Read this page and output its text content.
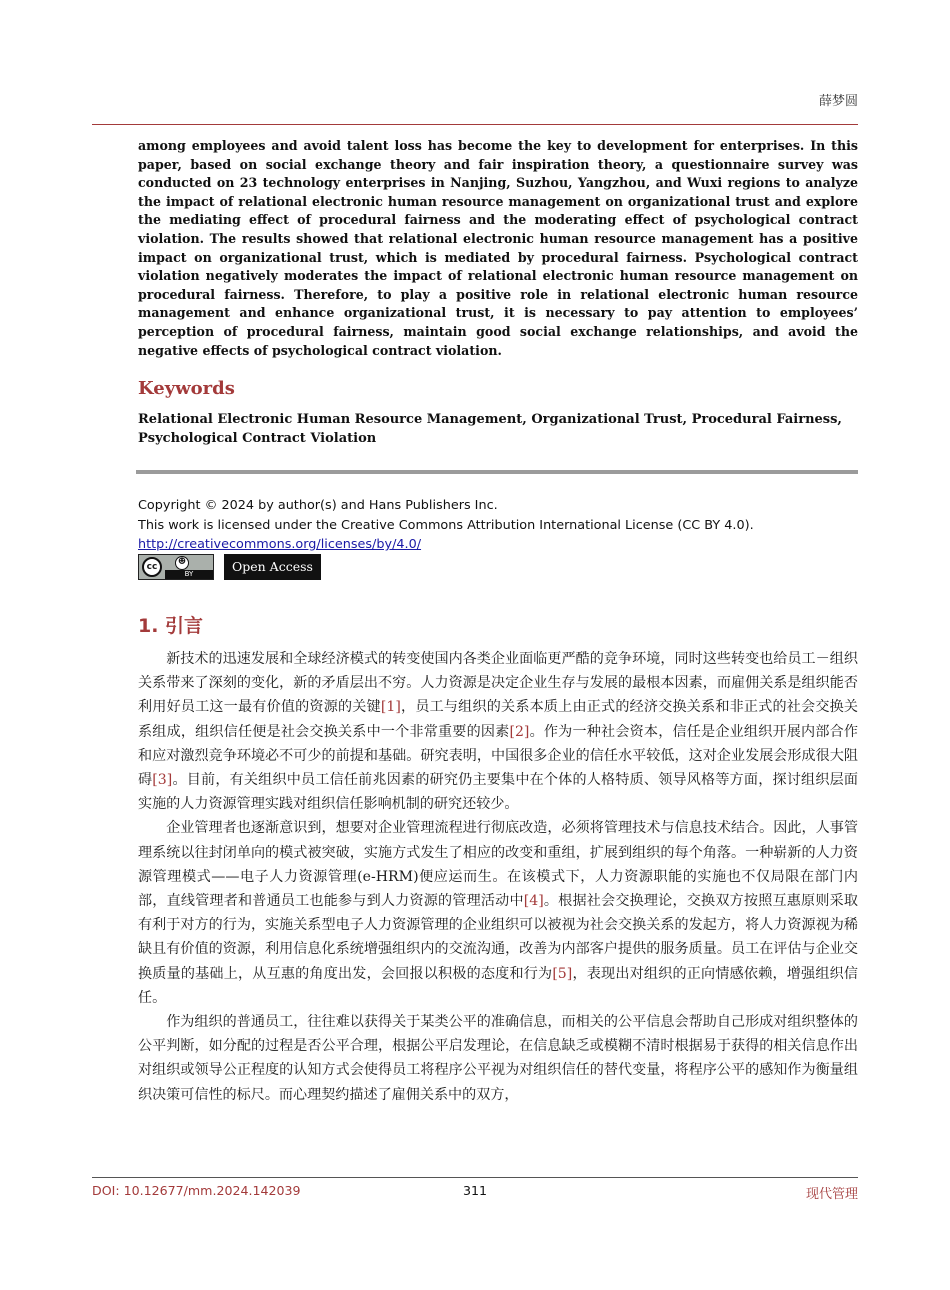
薛梦圆
among employees and avoid talent loss has become the key to development for enterprises. In this paper, based on social exchange theory and fair inspiration theory, a questionnaire survey was conducted on 23 technology enterprises in Nanjing, Suzhou, Yangzhou, and Wuxi regions to analyze the impact of relational electronic human resource management on organizational trust and explore the mediating effect of procedural fairness and the moderating effect of psychological contract violation. The results showed that relational electronic human resource management has a positive impact on organizational trust, which is mediated by procedural fairness. Psychological contract violation negatively moderates the impact of relational electronic human resource management on procedural fairness. Therefore, to play a positive role in relational electronic human resource management and enhance organizational trust, it is necessary to pay attention to employees’ perception of procedural fairness, maintain good social exchange relationships, and avoid the negative effects of psychological contract violation.
Keywords
Relational Electronic Human Resource Management, Organizational Trust, Procedural Fairness, Psychological Contract Violation
Copyright © 2024 by author(s) and Hans Publishers Inc.
This work is licensed under the Creative Commons Attribution International License (CC BY 4.0).
http://creativecommons.org/licenses/by/4.0/
cc	☻
BY	Open Access
1. 引言

新技术的迅速发展和全球经济模式的转变使国内各类企业面临更严酷的竞争环境，同时这些转变也给员工－组织关系带来了深刻的变化，新的矛盾层出不穷。人力资源是决定企业生存与发展的最根本因素，而雇佣关系是组织能否利用好员工这一最有价值的资源的关键[1]，员工与组织的关系本质上由正式的经济交换关系和非正式的社会交换关系组成，组织信任便是社会交换关系中一个非常重要的因素[2]。作为一种社会资本，信任是企业组织开展内部合作和应对激烈竞争环境必不可少的前提和基础。研究表明，中国很多企业的信任水平较低，这对企业发展会形成很大阻碍[3]。目前，有关组织中员工信任前兆因素的研究仍主要集中在个体的人格特质、领导风格等方面，探讨组织层面实施的人力资源管理实践对组织信任影响机制的研究还较少。

企业管理者也逐渐意识到，想要对企业管理流程进行彻底改造，必须将管理技术与信息技术结合。因此，人事管理系统以往封闭单向的模式被突破，实施方式发生了相应的改变和重组，扩展到组织的每个角落。一种崭新的人力资源管理模式——电子人力资源管理(e-HRM)便应运而生。在该模式下，人力资源职能的实施也不仅局限在部门内部，直线管理者和普通员工也能参与到人力资源的管理活动中[4]。根据社会交换理论，交换双方按照互惠原则采取有利于对方的行为，实施关系型电子人力资源管理的企业组织可以被视为社会交换关系的发起方，将人力资源视为稀缺且有价值的资源，利用信息化系统增强组织内的交流沟通，改善为内部客户提供的服务质量。员工在评估与企业交换质量的基础上，从互惠的角度出发，会回报以积极的态度和行为[5]，表现出对组织的正向情感依赖，增强组织信任。

作为组织的普通员工，往往难以获得关于某类公平的准确信息，而相关的公平信息会帮助自己形成对组织整体的公平判断，如分配的过程是否公平合理，根据公平启发理论，在信息缺乏或模糊不清时根据易于获得的相关信息作出对组织或领导公正程度的认知方式会使得员工将程序公平视为对组织信任的替代变量，将程序公平的感知作为衡量组织决策可信性的标尺。而心理契约描述了雇佣关系中的双方，

DOI: 10.12677/mm.2024.142039	311	现代管理
